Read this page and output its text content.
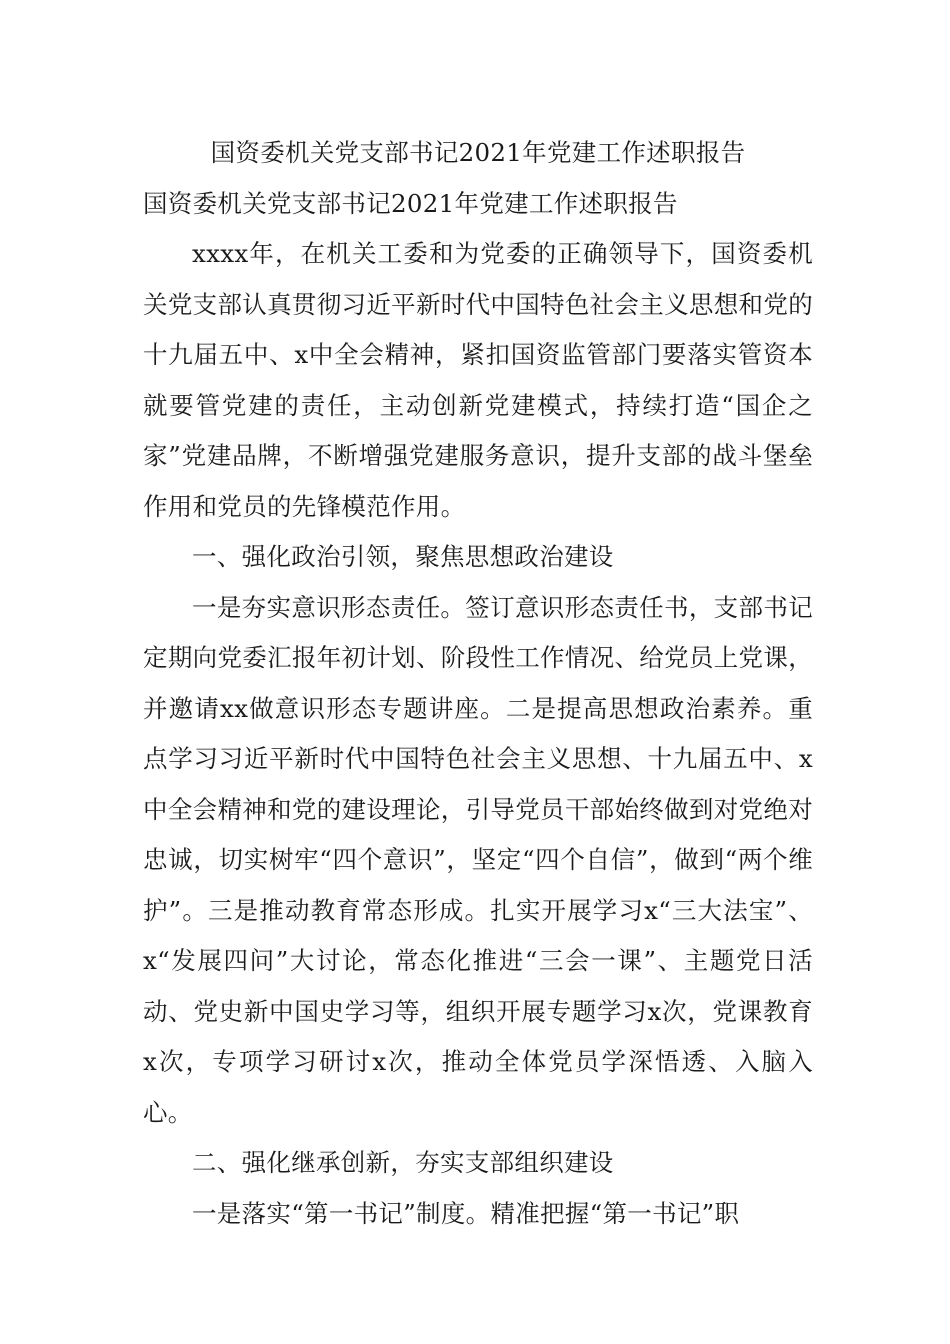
国资委机关党支部书记2021年党建工作述职报告
国资委机关党支部书记2021年党建工作述职报告

xxxx年，在机关工委和为党委的正确领导下，国资委机关党支部认真贯彻习近平新时代中国特色社会主义思想和党的十九届五中、x中全会精神，紧扣国资监管部门要落实管资本就要管党建的责任，主动创新党建模式，持续打造“国企之家”党建品牌，不断增强党建服务意识，提升支部的战斗堡垒作用和党员的先锋模范作用。

一、强化政治引领，聚焦思想政治建设

一是夯实意识形态责任。签订意识形态责任书，支部书记定期向党委汇报年初计划、阶段性工作情况、给党员上党课，并邀请xx做意识形态专题讲座。二是提高思想政治素养。重点学习习近平新时代中国特色社会主义思想、十九届五中、x中全会精神和党的建设理论，引导党员干部始终做到对党绝对忠诚，切实树牢“四个意识”，坚定“四个自信”，做到“两个维护”。三是推动教育常态形成。扎实开展学习x“三大法宝”、x“发展四问”大讨论，常态化推进“三会一课”、主题党日活动、党史新中国史学习等，组织开展专题学习x次，党课教育x次，专项学习研讨x次，推动全体党员学深悟透、入脑入心。

二、强化继承创新，夯实支部组织建设

一是落实“第一书记”制度。精准把握“第一书记”职
